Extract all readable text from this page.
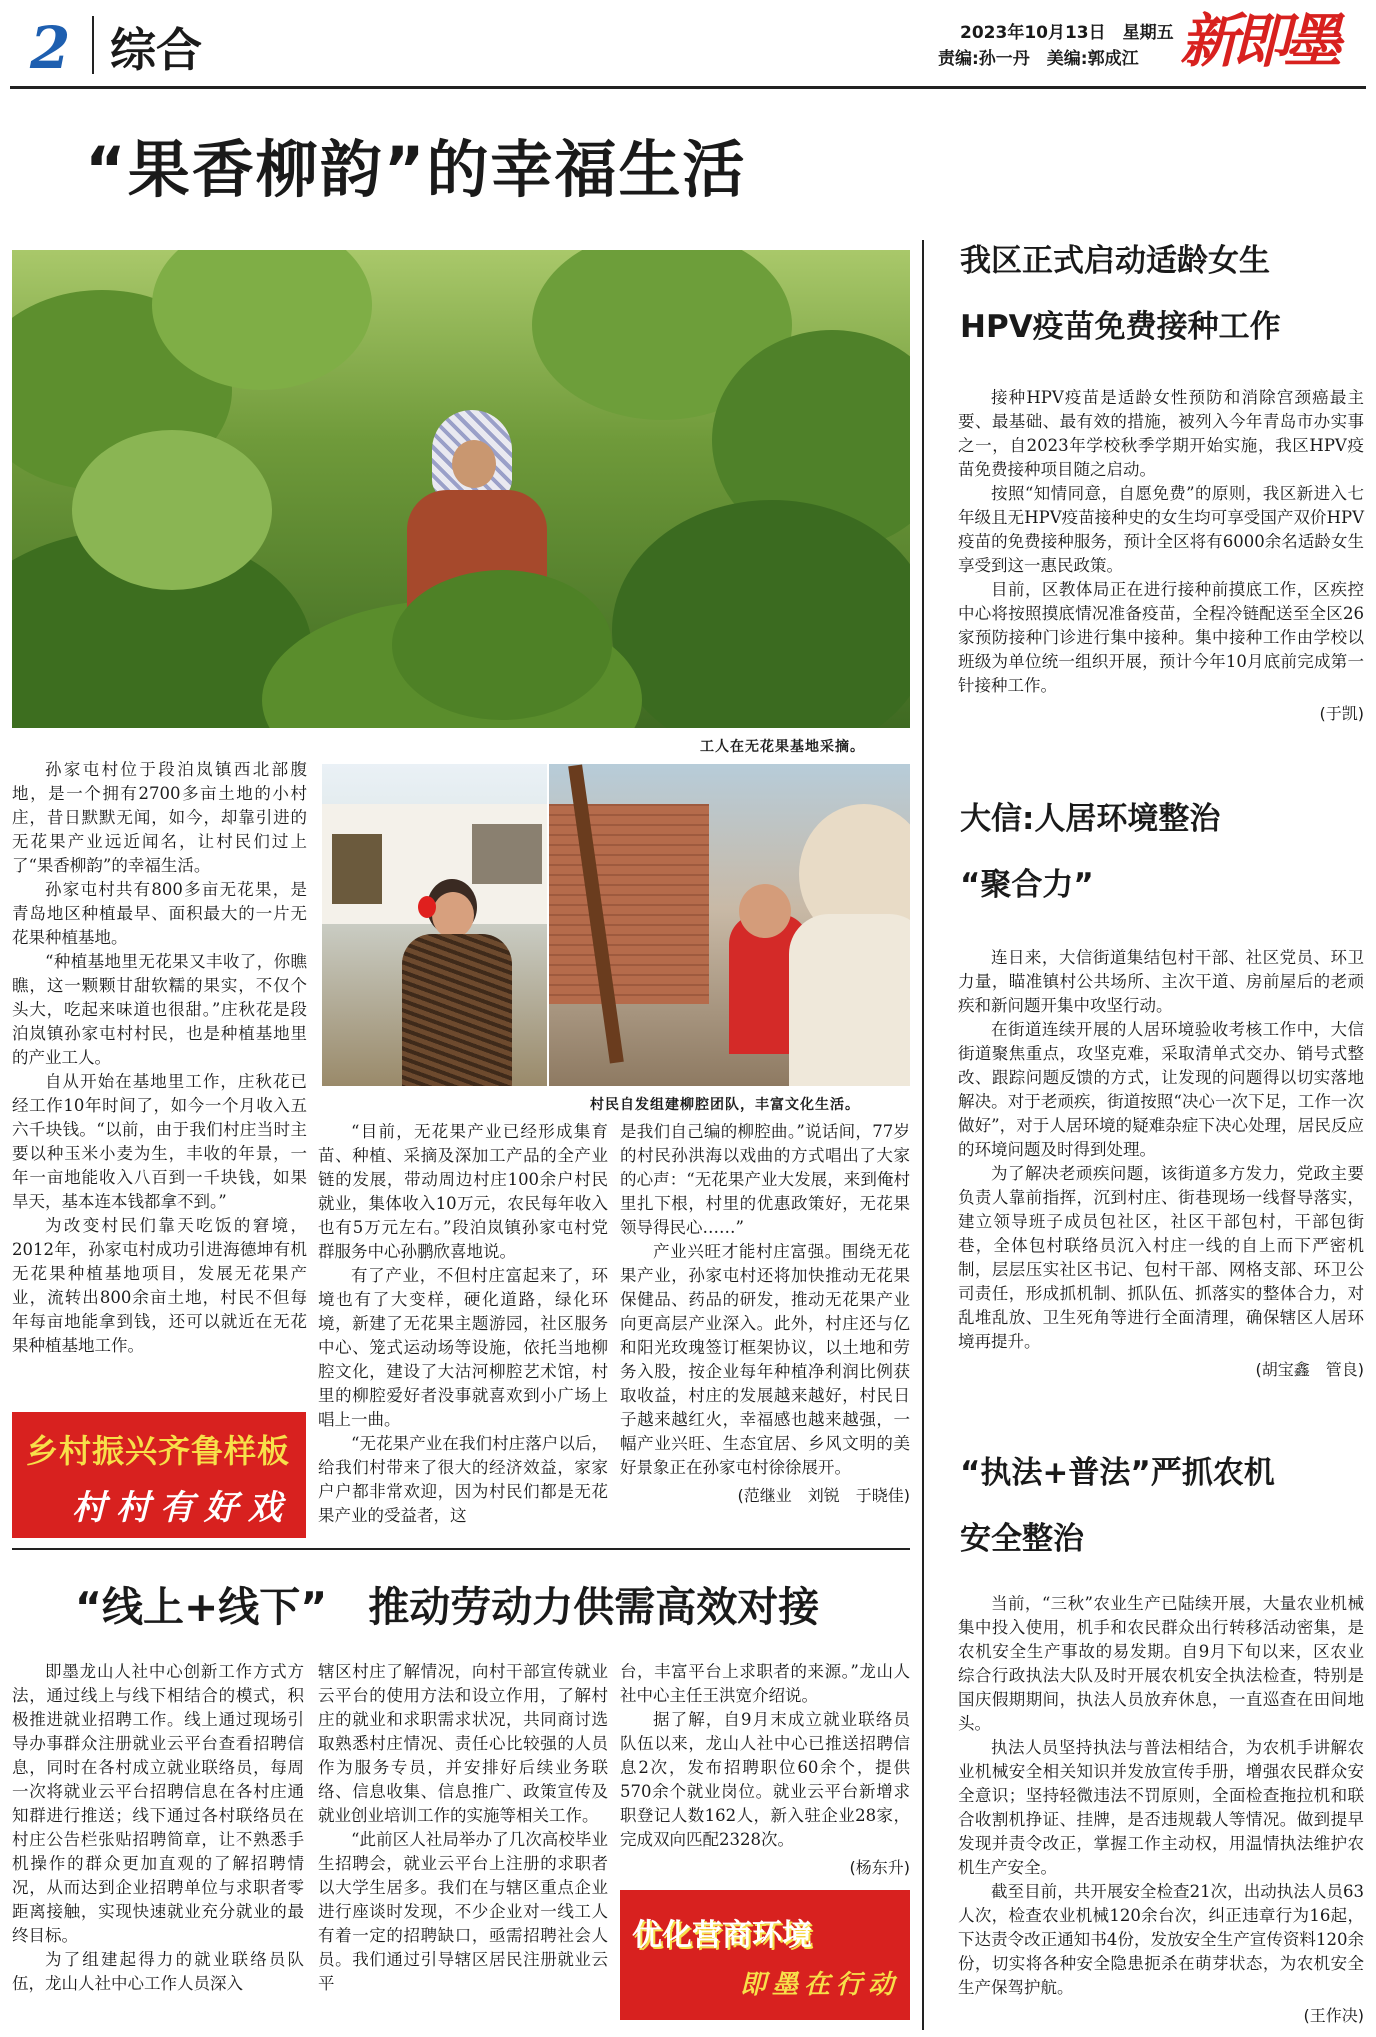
2 综合	2023年10月13日　星期五
责编:孙一丹　美编:郭成江 新即墨
“果香柳韵”的幸福生活
工人在无花果基地采摘。
村民自发组建柳腔团队，丰富文化生活。

孙家屯村位于段泊岚镇西北部腹地，是一个拥有2700多亩土地的小村庄，昔日默默无闻，如今，却靠引进的无花果产业远近闻名，让村民们过上了“果香柳韵”的幸福生活。

孙家屯村共有800多亩无花果，是青岛地区种植最早、面积最大的一片无花果种植基地。

“种植基地里无花果又丰收了，你瞧瞧，这一颗颗甘甜软糯的果实，不仅个头大，吃起来味道也很甜。”庄秋花是段泊岚镇孙家屯村村民，也是种植基地里的产业工人。

自从开始在基地里工作，庄秋花已经工作10年时间了，如今一个月收入五六千块钱。“以前，由于我们村庄当时主要以种玉米小麦为生，丰收的年景，一年一亩地能收入八百到一千块钱，如果旱天，基本连本钱都拿不到。”

为改变村民们靠天吃饭的窘境，2012年，孙家屯村成功引进海德坤有机无花果种植基地项目，发展无花果产业，流转出800余亩土地，村民不但每年每亩地能拿到钱，还可以就近在无花果种植基地工作。

乡村振兴齐鲁样板
村村有好戏

“目前，无花果产业已经形成集育苗、种植、采摘及深加工产品的全产业链的发展，带动周边村庄100余户村民就业，集体收入10万元，农民每年收入也有5万元左右。”段泊岚镇孙家屯村党群服务中心孙鹏欣喜地说。

有了产业，不但村庄富起来了，环境也有了大变样，硬化道路，绿化环境，新建了无花果主题游园，社区服务中心、笼式运动场等设施，依托当地柳腔文化，建设了大沽河柳腔艺术馆，村里的柳腔爱好者没事就喜欢到小广场上唱上一曲。

“无花果产业在我们村庄落户以后，给我们村带来了很大的经济效益，家家户户都非常欢迎，因为村民们都是无花果产业的受益者，这

是我们自己编的柳腔曲。”说话间，77岁的村民孙洪海以戏曲的方式唱出了大家的心声：“无花果产业大发展，来到俺村里扎下根，村里的优惠政策好，无花果领导得民心……”

产业兴旺才能村庄富强。围绕无花果产业，孙家屯村还将加快推动无花果保健品、药品的研发，推动无花果产业向更高层产业深入。此外，村庄还与亿和阳光玫瑰签订框架协议，以土地和劳务入股，按企业每年种植净利润比例获取收益，村庄的发展越来越好，村民日子越来越红火，幸福感也越来越强，一幅产业兴旺、生态宜居、乡风文明的美好景象正在孙家屯村徐徐展开。

(范继业　刘锐　于晓佳)
“线上+线下”　推动劳动力供需高效对接

即墨龙山人社中心创新工作方式方法，通过线上与线下相结合的模式，积极推进就业招聘工作。线上通过现场引导办事群众注册就业云平台查看招聘信息，同时在各村成立就业联络员，每周一次将就业云平台招聘信息在各村庄通知群进行推送；线下通过各村联络员在村庄公告栏张贴招聘简章，让不熟悉手机操作的群众更加直观的了解招聘情况，从而达到企业招聘单位与求职者零距离接触，实现快速就业充分就业的最终目标。

为了组建起得力的就业联络员队伍，龙山人社中心工作人员深入

辖区村庄了解情况，向村干部宣传就业云平台的使用方法和设立作用，了解村庄的就业和求职需求状况，共同商讨选取熟悉村庄情况、责任心比较强的人员作为服务专员，并安排好后续业务联络、信息收集、信息推广、政策宣传及就业创业培训工作的实施等相关工作。

“此前区人社局举办了几次高校毕业生招聘会，就业云平台上注册的求职者以大学生居多。我们在与辖区重点企业进行座谈时发现，不少企业对一线工人有着一定的招聘缺口，亟需招聘社会人员。我们通过引导辖区居民注册就业云平

台，丰富平台上求职者的来源。”龙山人社中心主任王洪宽介绍说。

据了解，自9月末成立就业联络员队伍以来，龙山人社中心已推送招聘信息2次，发布招聘职位60余个，提供570余个就业岗位。就业云平台新增求职登记人数162人，新入驻企业28家，完成双向匹配2328次。

(杨东升)
优化营商环境
即墨在行动
我区正式启动适龄女生
HPV疫苗免费接种工作

接种HPV疫苗是适龄女性预防和消除宫颈癌最主要、最基础、最有效的措施，被列入今年青岛市办实事之一，自2023年学校秋季学期开始实施，我区HPV疫苗免费接种项目随之启动。

按照“知情同意，自愿免费”的原则，我区新进入七年级且无HPV疫苗接种史的女生均可享受国产双价HPV疫苗的免费接种服务，预计全区将有6000余名适龄女生享受到这一惠民政策。

目前，区教体局正在进行接种前摸底工作，区疾控中心将按照摸底情况准备疫苗，全程冷链配送至全区26家预防接种门诊进行集中接种。集中接种工作由学校以班级为单位统一组织开展，预计今年10月底前完成第一针接种工作。

(于凯)
大信:人居环境整治
“聚合力”

连日来，大信街道集结包村干部、社区党员、环卫力量，瞄准镇村公共场所、主次干道、房前屋后的老顽疾和新问题开集中攻坚行动。

在街道连续开展的人居环境验收考核工作中，大信街道聚焦重点，攻坚克难，采取清单式交办、销号式整改、跟踪问题反馈的方式，让发现的问题得以切实落地解决。对于老顽疾，街道按照“决心一次下足，工作一次做好”，对于人居环境的疑难杂症下决心处理，居民反应的环境问题及时得到处理。

为了解决老顽疾问题，该街道多方发力，党政主要负责人靠前指挥，沉到村庄、街巷现场一线督导落实，建立领导班子成员包社区，社区干部包村，干部包街巷，全体包村联络员沉入村庄一线的自上而下严密机制，层层压实社区书记、包村干部、网格支部、环卫公司责任，形成抓机制、抓队伍、抓落实的整体合力，对乱堆乱放、卫生死角等进行全面清理，确保辖区人居环境再提升。

(胡宝鑫　管良)
“执法+普法”严抓农机
安全整治

当前，“三秋”农业生产已陆续开展，大量农业机械集中投入使用，机手和农民群众出行转移活动密集，是农机安全生产事故的易发期。自9月下旬以来，区农业综合行政执法大队及时开展农机安全执法检查，特别是国庆假期期间，执法人员放弃休息，一直巡查在田间地头。

执法人员坚持执法与普法相结合，为农机手讲解农业机械安全相关知识并发放宣传手册，增强农民群众安全意识；坚持轻微违法不罚原则，全面检查拖拉机和联合收割机挣证、挂牌，是否违规载人等情况。做到提早发现并责令改正，掌握工作主动权，用温情执法维护农机生产安全。

截至目前，共开展安全检查21次，出动执法人员63人次，检查农业机械120余台次，纠正违章行为16起，下达责令改正通知书4份，发放安全生产宣传资料120余份，切实将各种安全隐患扼杀在萌芽状态，为农机安全生产保驾护航。

(王作决)
